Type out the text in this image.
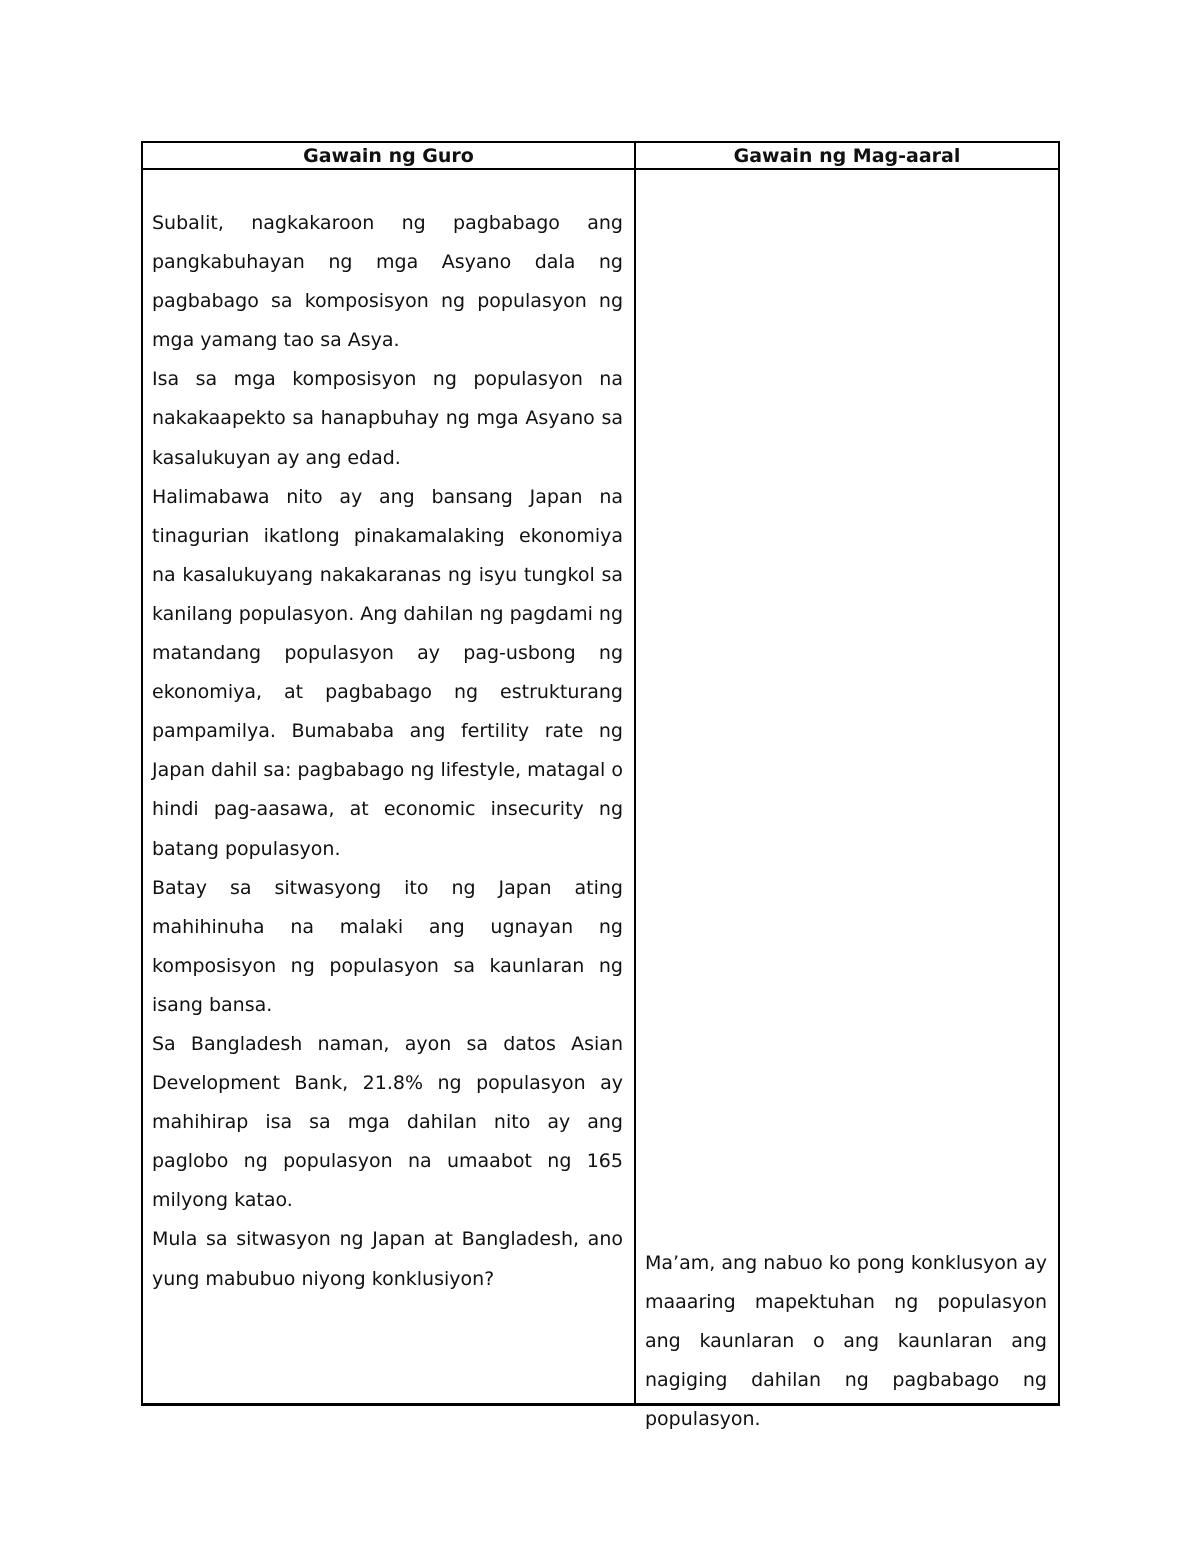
Gawain ng Guro	Gawain ng Mag-aaral

Subalit, nagkakaroon ng pagbabago ang pangkabuhayan ng mga Asyano dala ng pagbabago sa komposisyon ng populasyon ng mga yamang tao sa Asya.

Isa sa mga komposisyon ng populasyon na nakakaapekto sa hanapbuhay ng mga Asyano sa kasalukuyan ay ang edad.

Halimabawa nito ay ang bansang Japan na tinagurian ikatlong pinakamalaking ekonomiya na kasalukuyang nakakaranas ng isyu tungkol sa kanilang populasyon. Ang dahilan ng pagdami ng matandang populasyon ay pag-usbong ng ekonomiya, at pagbabago ng estrukturang pampamilya. Bumababa ang fertility rate ng Japan dahil sa: pagbabago ng lifestyle, matagal o hindi pag-aasawa, at economic insecurity ng batang populasyon.

Batay sa sitwasyong ito ng Japan ating mahihinuha na malaki ang ugnayan ng komposisyon ng populasyon sa kaunlaran ng isang bansa.

Sa Bangladesh naman, ayon sa datos Asian Development Bank, 21.8% ng populasyon ay mahihirap isa sa mga dahilan nito ay ang paglobo ng populasyon na umaabot ng 165 milyong katao.

Mula sa sitwasyon ng Japan at Bangladesh, ano yung mabubuo niyong konklusiyon?

Ma’am, ang nabuo ko pong konklusyon ay maaaring mapektuhan ng populasyon ang kaunlaran o ang kaunlaran ang nagiging dahilan ng pagbabago ng populasyon.
